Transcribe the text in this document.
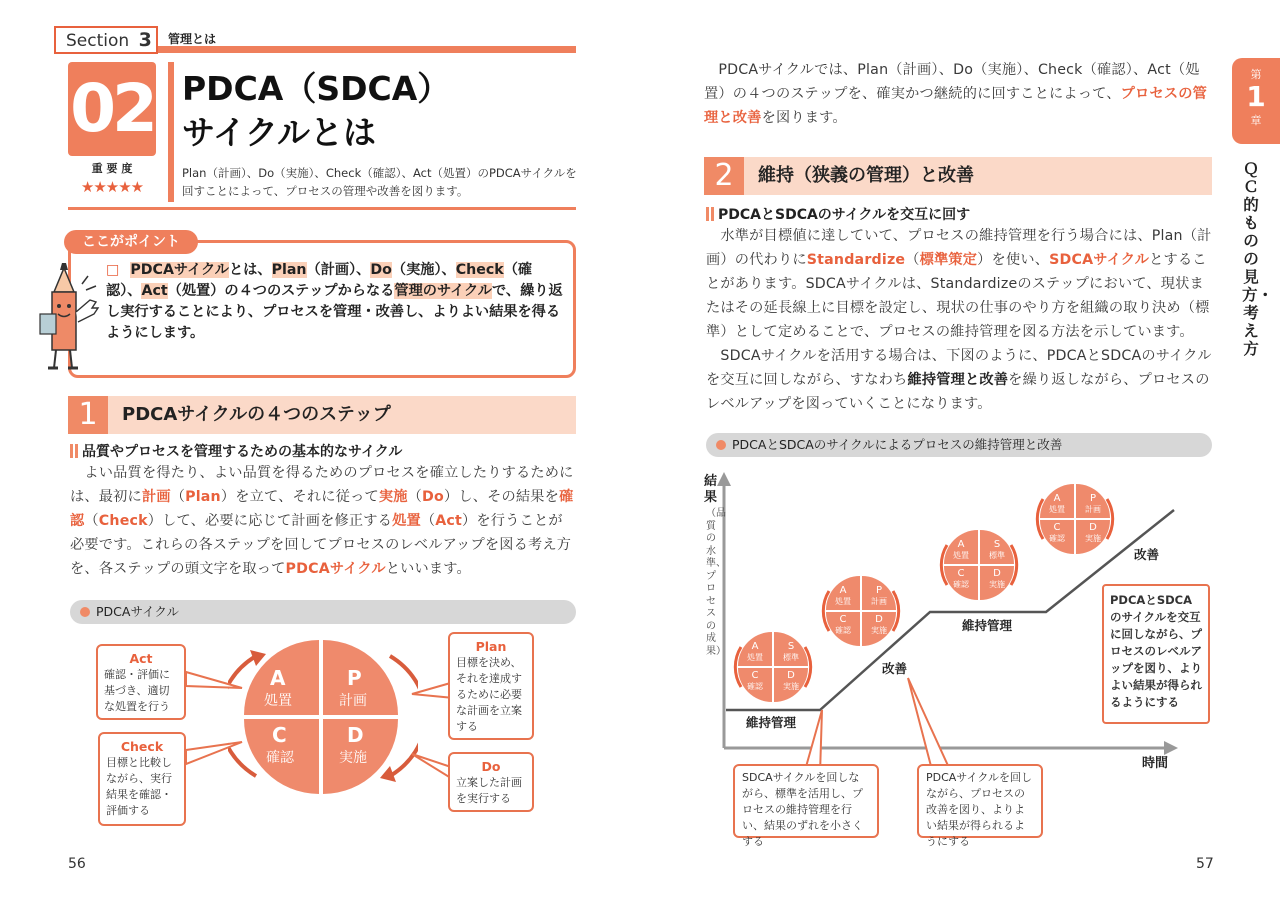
Section 3	管理とは
02
重 要 度
★★★★★
PDCA（SDCA）
サイクルとは
Plan（計画）、Do（実施）、Check（確認）、Act（処置）のPDCAサイクルを回すことによって、プロセスの管理や改善を図ります。
ここがポイント
□ PDCAサイクルとは、Plan（計画）、Do（実施）、Check（確認）、Act（処置）の４つのステップからなる管理のサイクルで、繰り返し実行することにより、プロセスを管理・改善し、よりよい結果を得るようにします。
1	PDCAサイクルの４つのステップ
品質やプロセスを管理するための基本的なサイクル
　よい品質を得たり、よい品質を得るためのプロセスを確立したりするためには、最初に計画（Plan）を立て、それに従って実施（Do）し、その結果を確認（Check）して、必要に応じて計画を修正する処置（Act）を行うことが必要です。これらの各ステップを回してプロセスのレベルアップを図る考え方を、各ステップの頭文字を取ってPDCAサイクルといいます。
PDCAサイクル
A
処置
P
計画
C
確認
D
実施
Act
確認・評価に基づき、適切な処置を行う
Check
目標と比較しながら、実行結果を確認・評価する
Plan
目標を決め、それを達成するために必要な計画を立案する
Do
立案した計画を実行する
56
　PDCAサイクルでは、Plan（計画）、Do（実施）、Check（確認）、Act（処置）の４つのステップを、確実かつ継続的に回すことによって、プロセスの管理と改善を図ります。
2	維持（狭義の管理）と改善
PDCAとSDCAのサイクルを交互に回す
　水準が目標値に達していて、プロセスの維持管理を行う場合には、Plan（計画）の代わりにStandardize（標準策定）を使い、SDCAサイクルとすることがあります。SDCAサイクルは、Standardizeのステップにおいて、現状またはその延長線上に目標を設定し、現状の仕事のやり方を組織の取り決め（標準）として定めることで、プロセスの維持管理を図る方法を示しています。
　SDCAサイクルを活用する場合は、下図のように、PDCAとSDCAのサイクルを交互に回しながら、すなわち維持管理と改善を繰り返しながら、プロセスのレベルアップを図っていくことになります。
PDCAとSDCAのサイクルによるプロセスの維持管理と改善
結果
（品質の水準、プロセスの成果）
時間
維持管理
改善
維持管理
改善
A
処置
S
標準
C
確認
D
実施
A
処置
P
計画
C
確認
D
実施
A
処置
S
標準
C
確認
D
実施
A
処置
P
計画
C
確認
D
実施
PDCAとSDCAのサイクルを交互に回しながら、プロセスのレベルアップを図り、よりよい結果が得られるようにする
SDCAサイクルを回しながら、標準を活用し、プロセスの維持管理を行い、結果のずれを小さくする
PDCAサイクルを回しながら、プロセスの改善を図り、よりよい結果が得られるようにする
第
1
章
ＱＣ的ものの見方・考え方
57
